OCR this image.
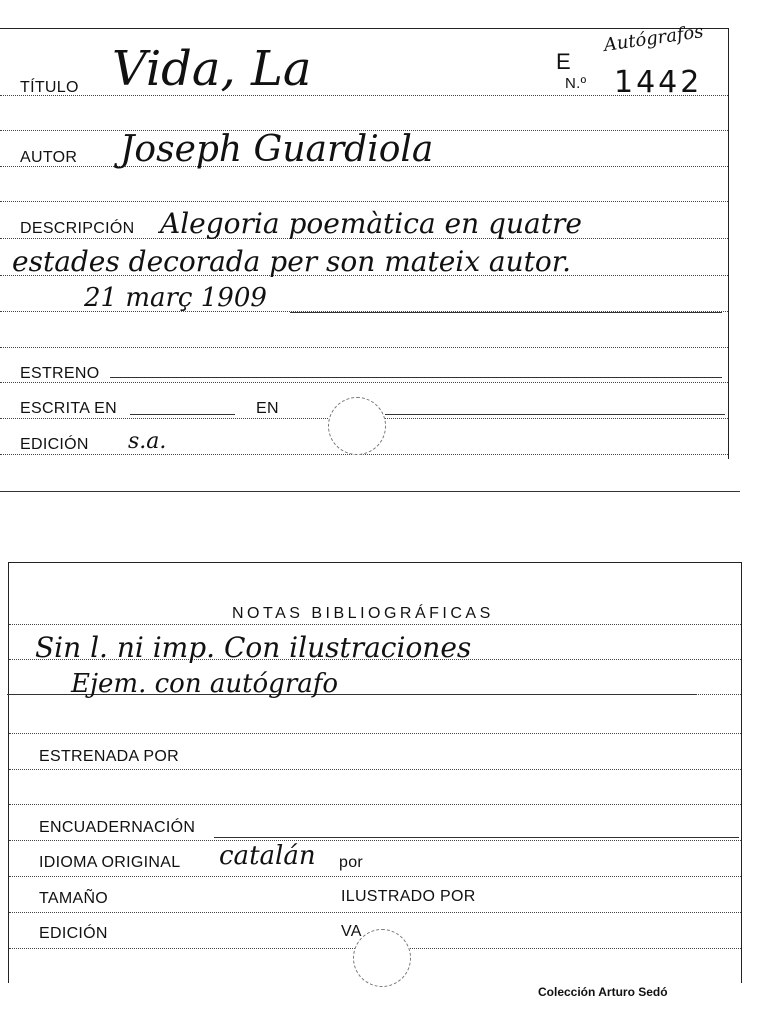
E
N.º 1442
Autógrafos
TÍTULO Vida, La
AUTOR Joseph Guardiola
DESCRIPCIÓN Alegoria poemàtica en quatre
estades decorada per son mateix autor.
21 març 1909
ESTRENO
ESCRITA EN	EN
EDICIÓN s.a.
NOTAS BIBLIOGRÁFICAS
Sin l. ni imp. Con ilustraciones
Ejem. con autógrafo
ESTRENADA POR
ENCUADERNACIÓN
IDIOMA ORIGINAL catalán por
TAMAÑO	ILUSTRADO POR
EDICIÓN	VA
Colección Arturo Sedó
